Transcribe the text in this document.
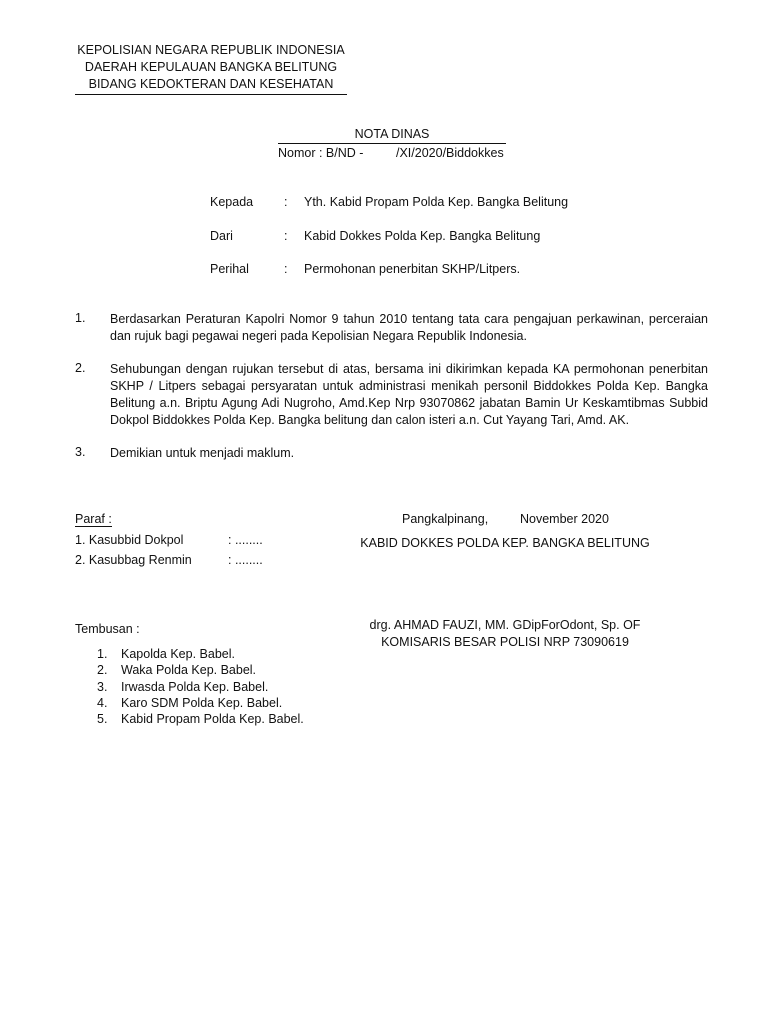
KEPOLISIAN NEGARA REPUBLIK INDONESIA
DAERAH KEPULAUAN BANGKA BELITUNG
BIDANG KEDOKTERAN DAN KESEHATAN
NOTA DINAS
Nomor : B/ND -	/XI/2020/Biddokkes
Kepada : Yth. Kabid Propam Polda Kep. Bangka Belitung
Dari	: Kabid Dokkes Polda Kep. Bangka Belitung
Perihal	: Permohonan penerbitan SKHP/Litpers.
1. Berdasarkan Peraturan Kapolri Nomor 9 tahun 2010 tentang tata cara pengajuan perkawinan, perceraian dan rujuk bagi pegawai negeri pada Kepolisian Negara Republik Indonesia.
2. Sehubungan dengan rujukan tersebut di atas, bersama ini dikirimkan kepada KA permohonan penerbitan SKHP / Litpers sebagai persyaratan untuk administrasi menikah personil Biddokkes Polda Kep. Bangka Belitung a.n. Briptu Agung Adi Nugroho, Amd.Kep Nrp 93070862 jabatan Bamin Ur Keskamtibmas Subbid Dokpol Biddokkes Polda Kep. Bangka belitung dan calon isteri a.n. Cut Yayang Tari, Amd. AK.
3. Demikian untuk menjadi maklum.
Paraf :
1. Kasubbid Dokpol	: ........
2. Kasubbag Renmin	: ........
Pangkalpinang,	November 2020
KABID DOKKES POLDA KEP. BANGKA BELITUNG
drg. AHMAD FAUZI, MM. GDipForOdont, Sp. OF
KOMISARIS BESAR POLISI NRP 73090619
Tembusan :
1. Kapolda Kep. Babel.
2. Waka Polda Kep. Babel.
3. Irwasda Polda Kep. Babel.
4. Karo SDM Polda Kep. Babel.
5. Kabid Propam Polda Kep. Babel.
